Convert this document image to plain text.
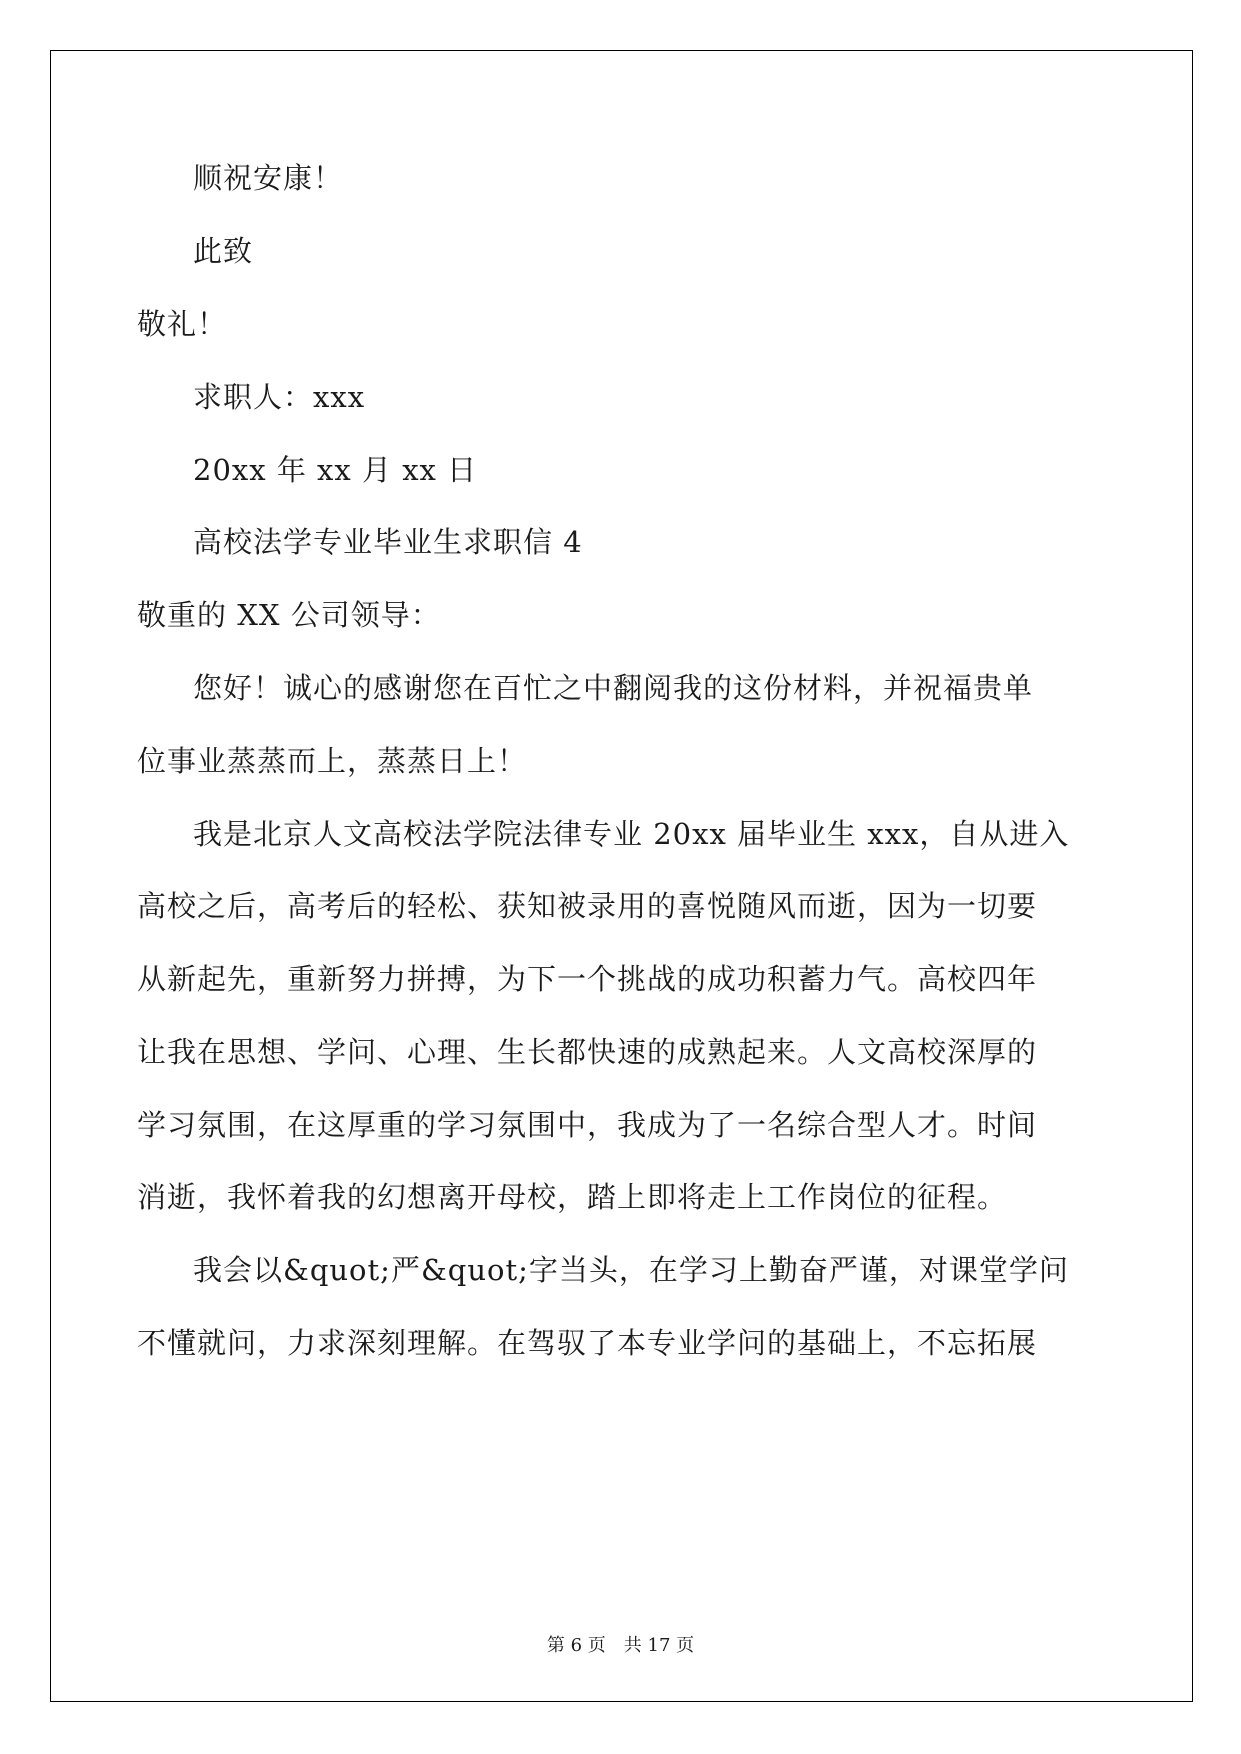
顺祝安康！

此致

敬礼！

求职人：xxx

20xx 年 xx 月 xx 日

高校法学专业毕业生求职信 4

敬重的 XX 公司领导：

您好！诚心的感谢您在百忙之中翻阅我的这份材料，并祝福贵单

位事业蒸蒸而上，蒸蒸日上！

我是北京人文高校法学院法律专业 20xx 届毕业生 xxx，自从进入

高校之后，高考后的轻松、获知被录用的喜悦随风而逝，因为一切要

从新起先，重新努力拼搏，为下一个挑战的成功积蓄力气。高校四年

让我在思想、学问、心理、生长都快速的成熟起来。人文高校深厚的

学习氛围，在这厚重的学习氛围中，我成为了一名综合型人才。时间

消逝，我怀着我的幻想离开母校，踏上即将走上工作岗位的征程。

我会以&quot;严&quot;字当头，在学习上勤奋严谨，对课堂学问

不懂就问，力求深刻理解。在驾驭了本专业学问的基础上，不忘拓展

第 6 页　共 17 页
